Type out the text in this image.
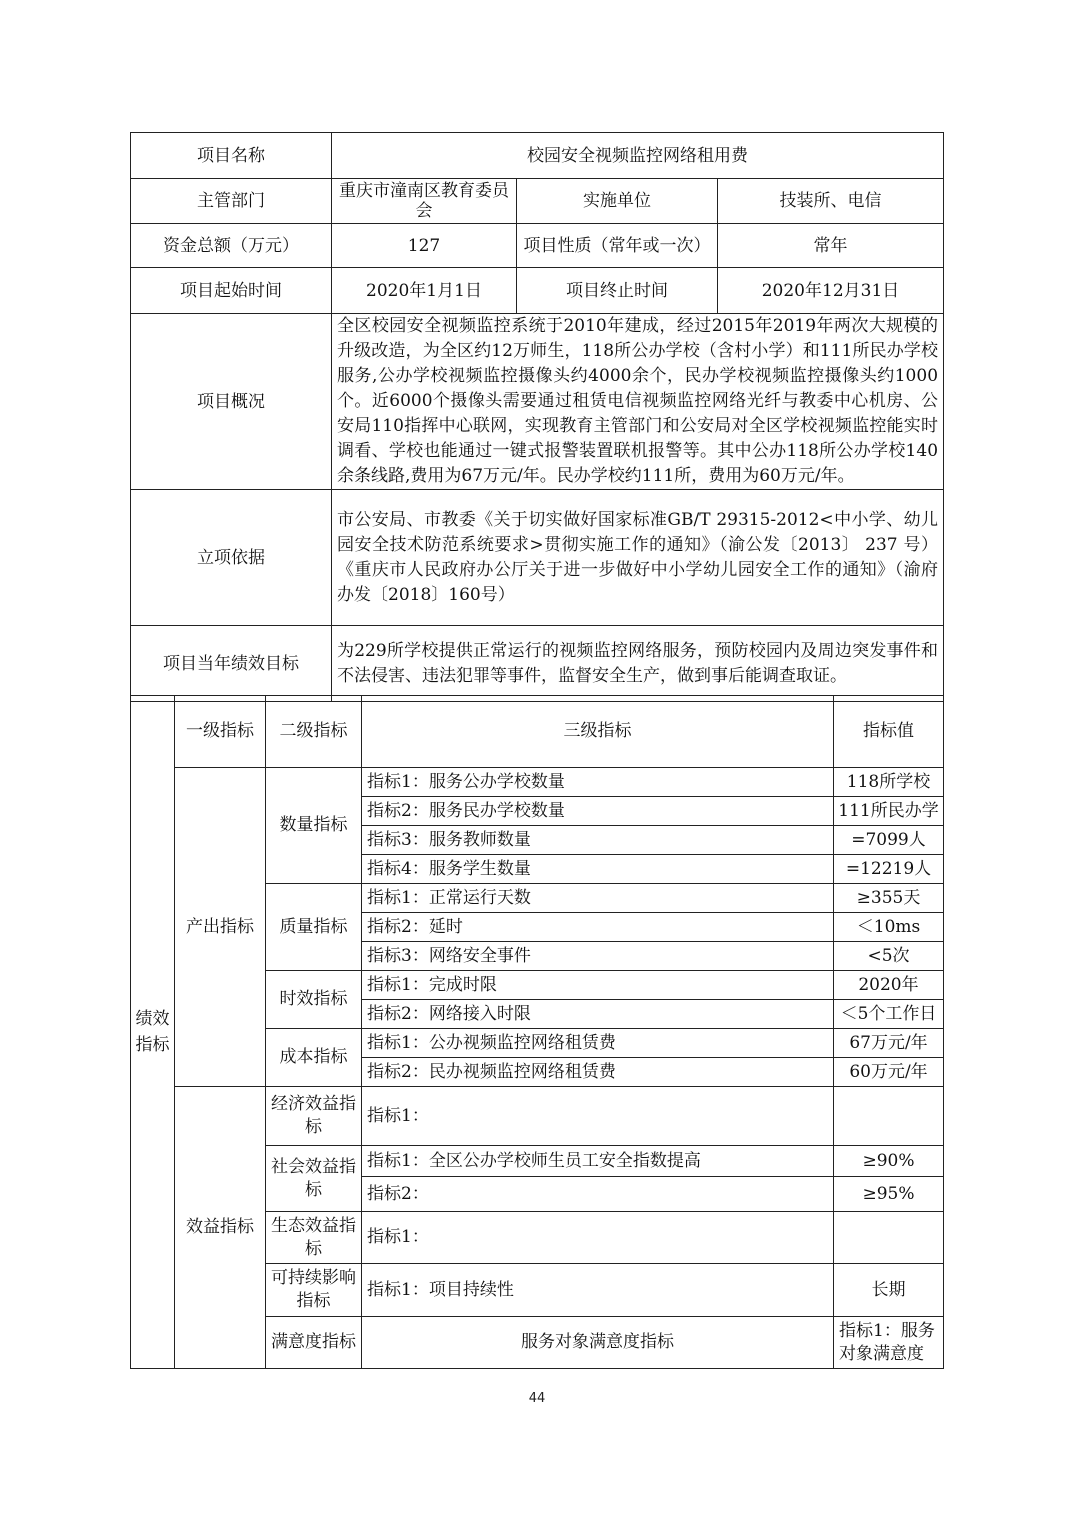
项目名称	校园安全视频监控网络租用费		
主管部门	重庆市潼南区教育委员会	实施单位	技装所、电信
资金总额（万元）	127	项目性质（常年或一次）	常年
项目起始时间	2020年1月1日	项目终止时间	2020年12月31日
项目概况	全区校园安全视频监控系统于2010年建成，经过2015年2019年两次大规模的升级改造，为全区约12万师生，118所公办学校（含村小学）和111所民办学校服务,公办学校视频监控摄像头约4000余个，民办学校视频监控摄像头约1000个。近6000个摄像头需要通过租赁电信视频监控网络光纤与教委中心机房、公安局110指挥中心联网，实现教育主管部门和公安局对全区学校视频监控能实时调看、学校也能通过一键式报警装置联机报警等。其中公办118所公办学校140余条线路,费用为67万元/年。民办学校约111所，费用为60万元/年。		
立项依据	市公安局、市教委《关于切实做好国家标准GB/T 29315-2012<中小学、幼儿园安全技术防范系统要求>贯彻实施工作的通知》（渝公发〔2013〕 237 号）《重庆市人民政府办公厅关于进一步做好中小学幼儿园安全工作的通知》（渝府办发〔2018〕160号）		
项目当年绩效目标	为229所学校提供正常运行的视频监控网络服务，预防校园内及周边突发事件和不法侵害、违法犯罪等事件，监督安全生产，做到事后能调查取证。		
绩效指标	一级指标	二级指标	三级指标	指标值	
	产出指标	数量指标	指标1：服务公办学校数量	118所学校	
			指标2：服务民办学校数量	111所民办学	
			指标3：服务教师数量	=7099人	
			指标4：服务学生数量	=12219人	
		质量指标	指标1：正常运行天数	≥355天	
			指标2：延时	＜10ms	
			指标3：网络安全事件	<5次	
		时效指标	指标1：完成时限	2020年	
			指标2：网络接入时限	＜5个工作日	
		成本指标	指标1：公办视频监控网络租赁费	67万元/年	
			指标2：民办视频监控网络租赁费	60万元/年	
	效益指标	经济效益指标	指标1：		
		社会效益指标	指标1：全区公办学校师生员工安全指数提高	≥90%	
			指标2：	≥95%	
		生态效益指标	指标1：		
		可持续影响指标	指标1：项目持续性	长期	
		满意度指标	服务对象满意度指标	指标1：服务对象满意度	
44
